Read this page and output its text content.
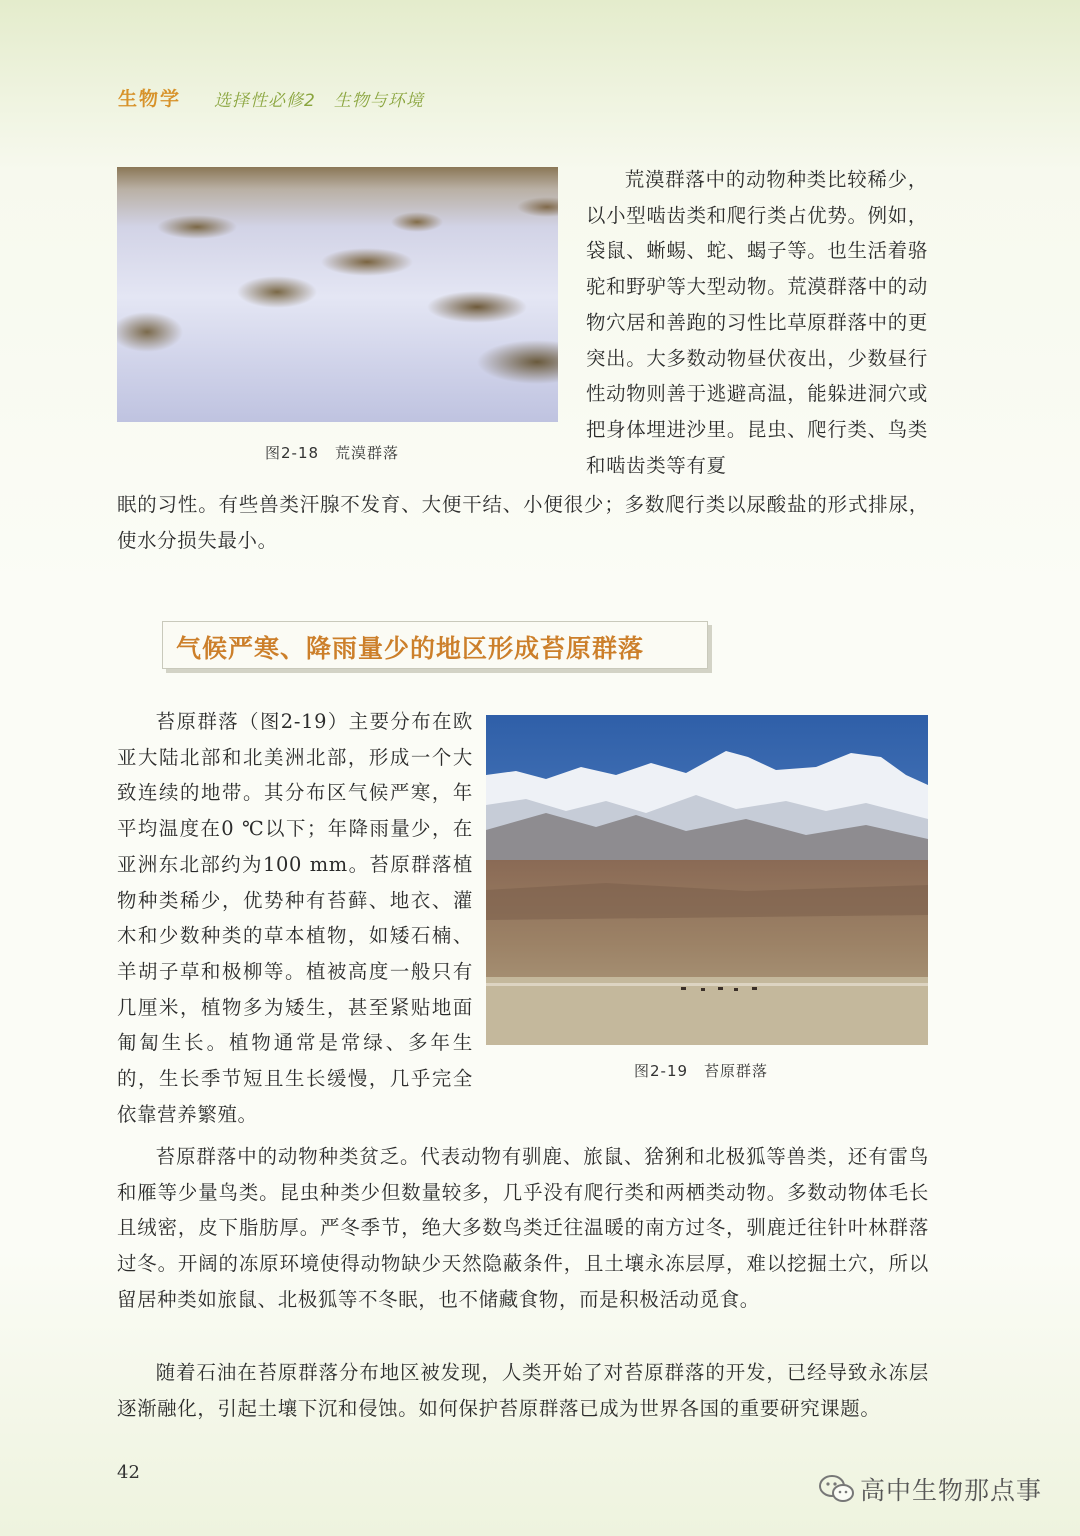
生物学 选择性必修2　生物与环境
图2-18　荒漠群落

荒漠群落中的动物种类比较稀少，以小型啮齿类和爬行类占优势。例如，袋鼠、蜥蜴、蛇、蝎子等。也生活着骆驼和野驴等大型动物。荒漠群落中的动物穴居和善跑的习性比草原群落中的更突出。大多数动物昼伏夜出，少数昼行性动物则善于逃避高温，能躲进洞穴或把身体埋进沙里。昆虫、爬行类、鸟类和啮齿类等有夏

眠的习性。有些兽类汗腺不发育、大便干结、小便很少；多数爬行类以尿酸盐的形式排尿，使水分损失最小。

气候严寒、降雨量少的地区形成苔原群落

苔原群落（图2-19）主要分布在欧亚大陆北部和北美洲北部，形成一个大致连续的地带。其分布区气候严寒，年平均温度在0 ℃以下；年降雨量少，在亚洲东北部约为100 mm。苔原群落植物种类稀少，优势种有苔藓、地衣、灌木和少数种类的草本植物，如矮石楠、羊胡子草和极柳等。植被高度一般只有几厘米，植物多为矮生，甚至紧贴地面匍匐生长。植物通常是常绿、多年生的，生长季节短且生长缓慢，几乎完全依靠营养繁殖。

图2-19　苔原群落

苔原群落中的动物种类贫乏。代表动物有驯鹿、旅鼠、猞猁和北极狐等兽类，还有雷鸟和雁等少量鸟类。昆虫种类少但数量较多，几乎没有爬行类和两栖类动物。多数动物体毛长且绒密，皮下脂肪厚。严冬季节，绝大多数鸟类迁往温暖的南方过冬，驯鹿迁往针叶林群落过冬。开阔的冻原环境使得动物缺少天然隐蔽条件，且土壤永冻层厚，难以挖掘土穴，所以留居种类如旅鼠、北极狐等不冬眠，也不储藏食物，而是积极活动觅食。

随着石油在苔原群落分布地区被发现，人类开始了对苔原群落的开发，已经导致永冻层逐渐融化，引起土壤下沉和侵蚀。如何保护苔原群落已成为世界各国的重要研究课题。

42
高中生物那点事
